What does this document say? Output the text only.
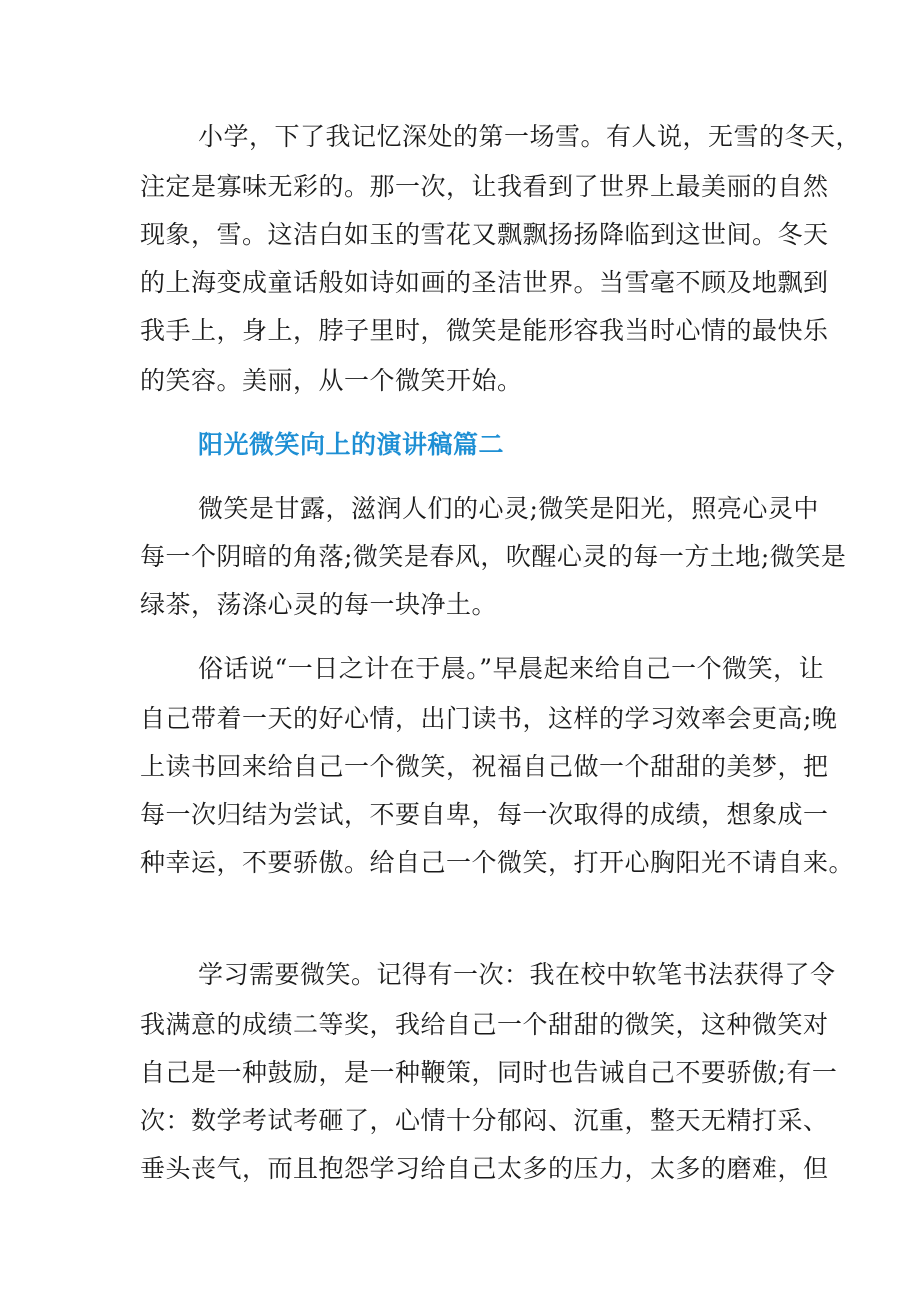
小学，下了我记忆深处的第一场雪。有人说，无雪的冬天，
注定是寡味无彩的。那一次，让我看到了世界上最美丽的自然
现象，雪。这洁白如玉的雪花又飘飘扬扬降临到这世间。冬天
的上海变成童话般如诗如画的圣洁世界。当雪毫不顾及地飘到
我手上，身上，脖子里时，微笑是能形容我当时心情的最快乐
的笑容。美丽，从一个微笑开始。
阳光微笑向上的演讲稿篇二
微笑是甘露，滋润人们的心灵;微笑是阳光，照亮心灵中
每一个阴暗的角落;微笑是春风，吹醒心灵的每一方土地;微笑是
绿茶，荡涤心灵的每一块净土。
俗话说“一日之计在于晨。”早晨起来给自己一个微笑，让
自己带着一天的好心情，出门读书，这样的学习效率会更高;晚
上读书回来给自己一个微笑，祝福自己做一个甜甜的美梦，把
每一次归结为尝试，不要自卑，每一次取得的成绩，想象成一
种幸运，不要骄傲。给自己一个微笑，打开心胸阳光不请自来。
学习需要微笑。记得有一次：我在校中软笔书法获得了令
我满意的成绩二等奖，我给自己一个甜甜的微笑，这种微笑对
自己是一种鼓励，是一种鞭策，同时也告诫自己不要骄傲;有一
次：数学考试考砸了，心情十分郁闷、沉重，整天无精打采、
垂头丧气，而且抱怨学习给自己太多的压力，太多的磨难，但
